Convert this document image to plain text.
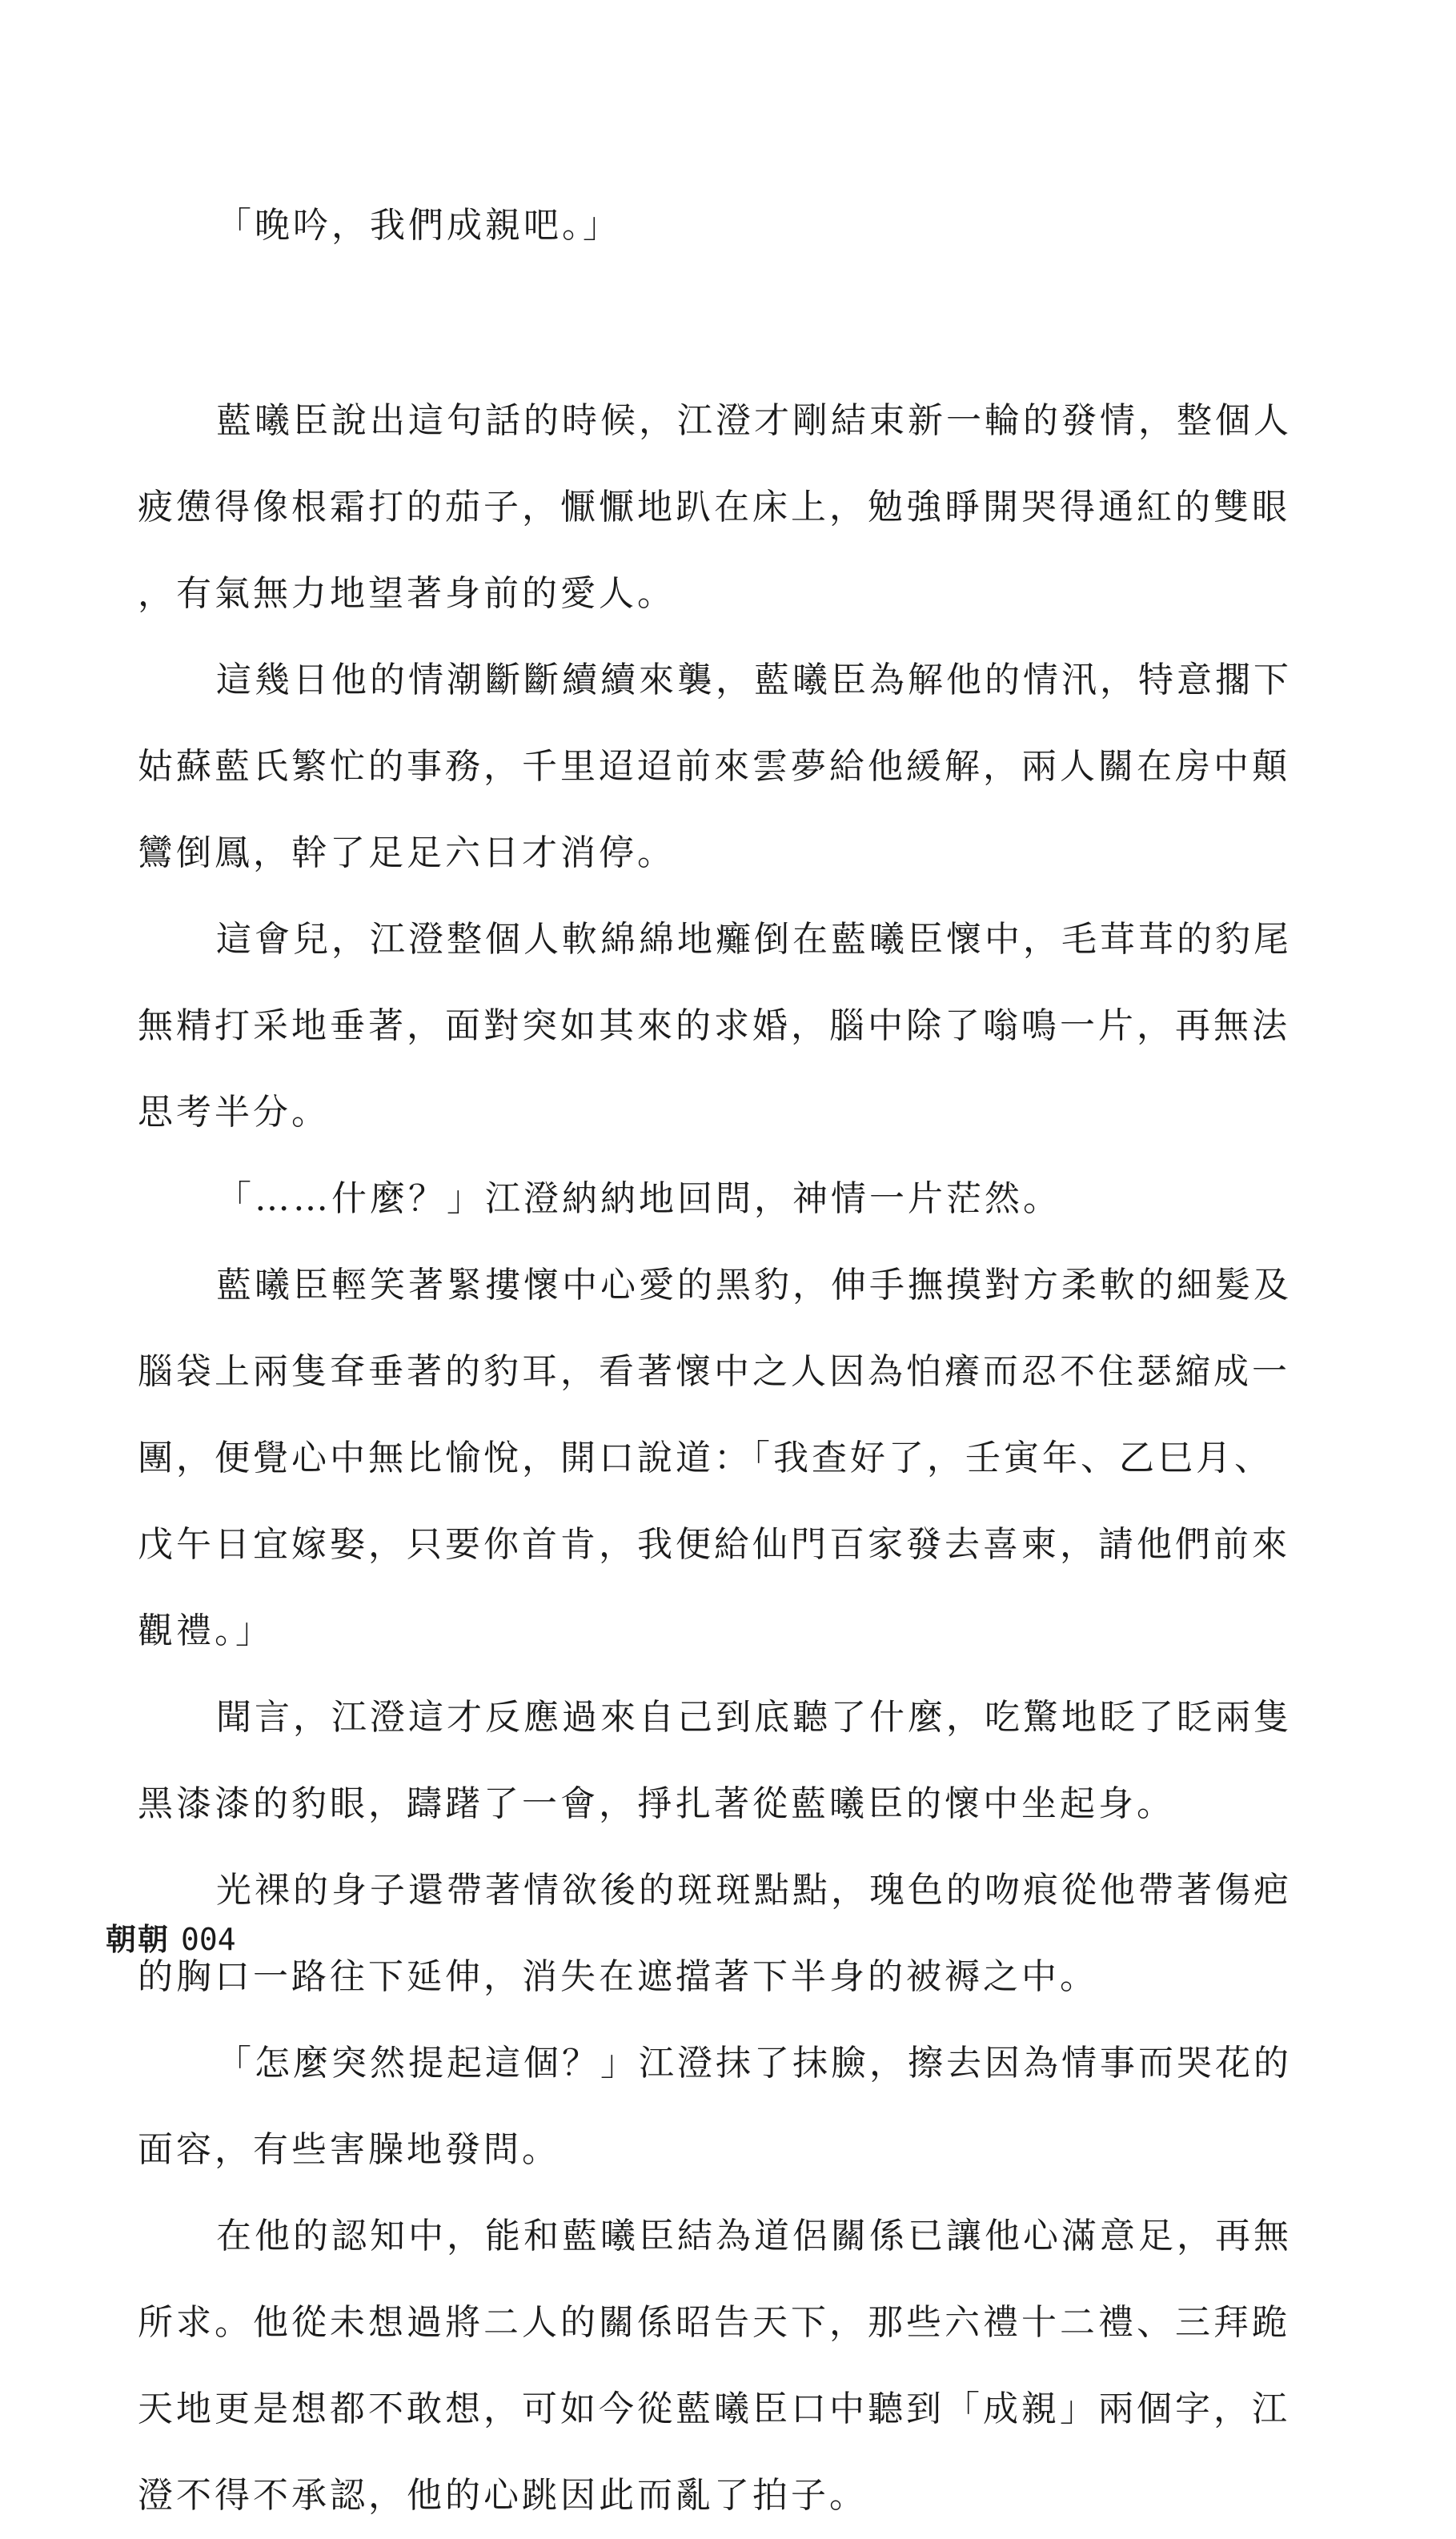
「晚吟，我們成親吧。」
藍曦臣說出這句話的時候，江澄才剛結束新一輪的發情，整個人
疲憊得像根霜打的茄子，懨懨地趴在床上，勉強睜開哭得通紅的雙眼
，有氣無力地望著身前的愛人。
這幾日他的情潮斷斷續續來襲，藍曦臣為解他的情汛，特意擱下
姑蘇藍氏繁忙的事務，千里迢迢前來雲夢給他緩解，兩人關在房中顛
鸞倒鳳，幹了足足六日才消停。
這會兒，江澄整個人軟綿綿地癱倒在藍曦臣懷中，毛茸茸的豹尾
無精打采地垂著，面對突如其來的求婚，腦中除了嗡鳴一片，再無法
思考半分。
「……什麼？」江澄納納地回問，神情一片茫然。
藍曦臣輕笑著緊摟懷中心愛的黑豹，伸手撫摸對方柔軟的細髮及
腦袋上兩隻耷垂著的豹耳，看著懷中之人因為怕癢而忍不住瑟縮成一
團，便覺心中無比愉悅，開口說道：「我查好了，壬寅年、乙巳月、
戊午日宜嫁娶，只要你首肯，我便給仙門百家發去喜柬，請他們前來
觀禮。」
聞言，江澄這才反應過來自己到底聽了什麼，吃驚地眨了眨兩隻
黑漆漆的豹眼，躊躇了一會，掙扎著從藍曦臣的懷中坐起身。
光裸的身子還帶著情欲後的斑斑點點，瑰色的吻痕從他帶著傷疤
的胸口一路往下延伸，消失在遮擋著下半身的被褥之中。
「怎麼突然提起這個？」江澄抹了抹臉，擦去因為情事而哭花的
面容，有些害臊地發問。
在他的認知中，能和藍曦臣結為道侶關係已讓他心滿意足，再無
所求。他從未想過將二人的關係昭告天下，那些六禮十二禮、三拜跪
天地更是想都不敢想，可如今從藍曦臣口中聽到「成親」兩個字，江
澄不得不承認，他的心跳因此而亂了拍子。
朝朝 004
